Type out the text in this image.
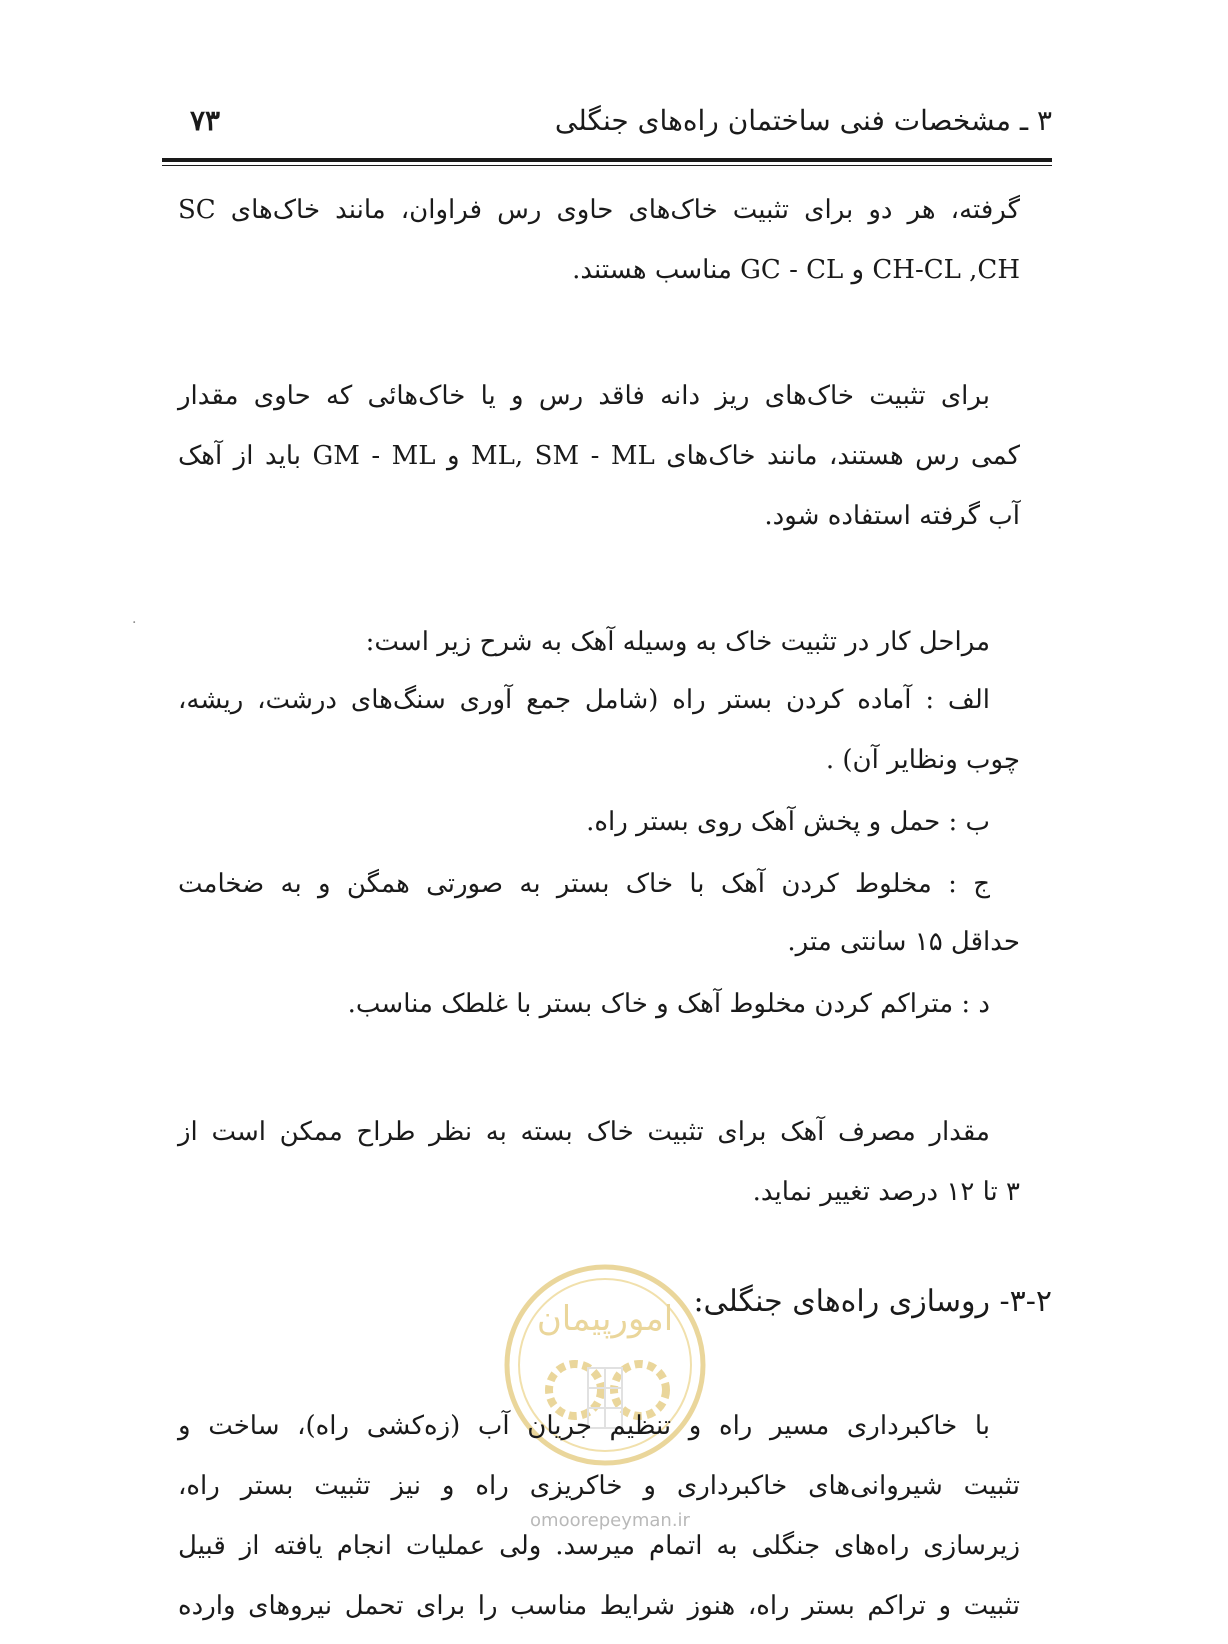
۳ ـ مشخصات فنی ساختمان راه‌های جنگلی
۷۳
گرفته، هر دو برای تثبیت خاک‌های حاوی رس فراوان، مانند خاک‌های SC
CH-CL ,CH و GC - CL مناسب هستند.
برای تثبیت خاک‌های ریز دانه فاقد رس و یا خاک‌هائی که حاوی مقدار
کمی رس هستند، مانند خاک‌های ML, SM - ML و GM - ML باید از آهک
آب گرفته استفاده شود.
·
مراحل کار در تثبیت خاک به وسیله آهک به شرح زیر است:
الف : آماده کردن بستر راه (شامل جمع آوری سنگ‌های درشت، ریشه،
چوب ونظایر آن) .
ب : حمل و پخش آهک روی بستر راه.
ج : مخلوط کردن آهک با خاک بستر به صورتی همگن و به ضخامت
حداقل ۱۵ سانتی متر.
د : متراکم کردن مخلوط آهک و خاک بستر با غلطک مناسب.
مقدار مصرف آهک برای تثبیت خاک بسته به نظر طراح ممکن است از
۳ تا ۱۲ درصد تغییر نماید.
۳-۲- روسازی راه‌های جنگلی:
امورپیمان
با خاکبرداری مسیر راه و تنظیم جریان آب (زه‌کشی راه)، ساخت و
تثبیت شیروانی‌های خاکبرداری و خاکریزی راه و نیز تثبیت بستر راه،
زیرسازی راه‌های جنگلی به اتمام میرسد. ولی عملیات انجام یافته از قبیل
تثبیت و تراکم بستر راه، هنوز شرایط مناسب را برای تحمل نیروهای وارده
omoorepeyman.ir
